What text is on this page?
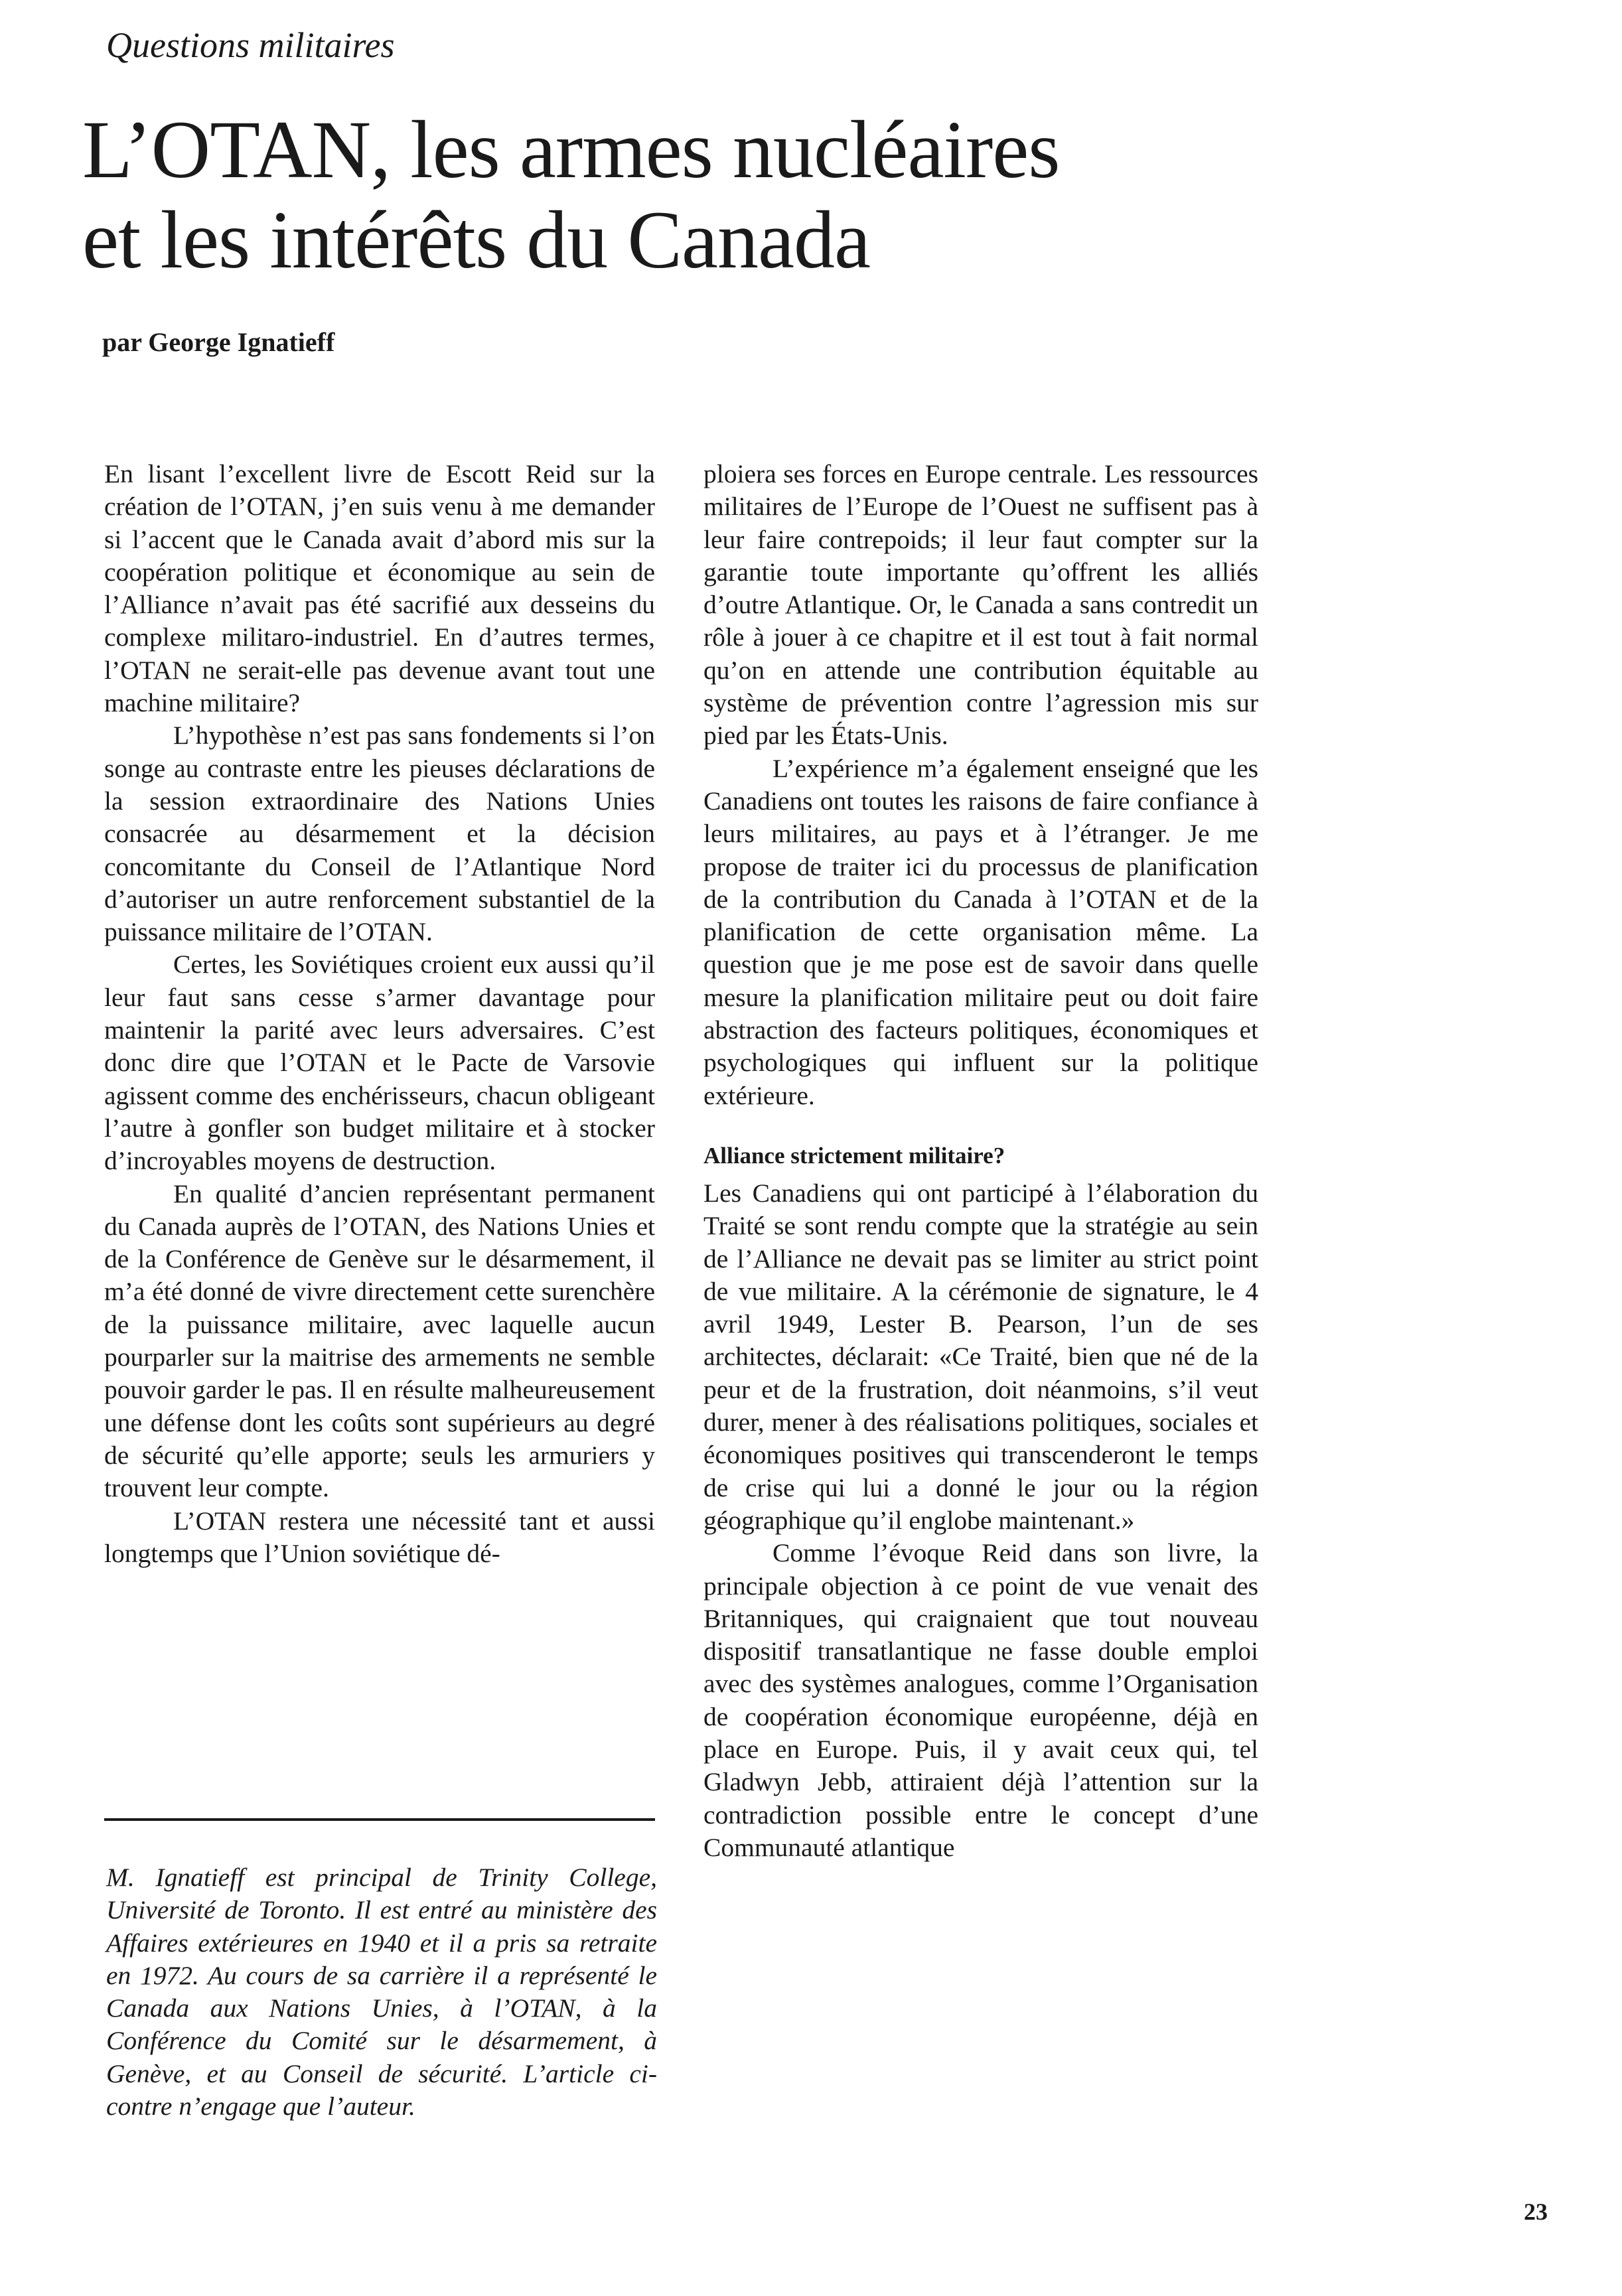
Questions militaires
L’OTAN, les armes nucléaires
et les intérêts du Canada
par George Ignatieff

En lisant l’excellent livre de Escott Reid sur la création de l’OTAN, j’en suis venu à me demander si l’accent que le Canada avait d’abord mis sur la coopération politique et économique au sein de l’Alliance n’avait pas été sacrifié aux desseins du complexe militaro-industriel. En d’autres termes, l’OTAN ne serait-elle pas devenue avant tout une machine militaire?

L’hypothèse n’est pas sans fondements si l’on songe au contraste entre les pieuses déclarations de la session extraordinaire des Nations Unies consacrée au désarmement et la décision concomitante du Conseil de l’Atlantique Nord d’autoriser un autre renforcement substantiel de la puissance militaire de l’OTAN.

Certes, les Soviétiques croient eux aussi qu’il leur faut sans cesse s’armer davantage pour maintenir la parité avec leurs adversaires. C’est donc dire que l’OTAN et le Pacte de Varsovie agissent comme des enchérisseurs, chacun obligeant l’autre à gonfler son budget militaire et à stocker d’incroyables moyens de destruction.

En qualité d’ancien représentant permanent du Canada auprès de l’OTAN, des Nations Unies et de la Conférence de Genève sur le désarmement, il m’a été donné de vivre directement cette surenchère de la puissance militaire, avec laquelle aucun pourparler sur la maitrise des armements ne semble pouvoir garder le pas. Il en résulte malheureusement une défense dont les coûts sont supérieurs au degré de sécurité qu’elle apporte; seuls les armuriers y trouvent leur compte.

L’OTAN restera une nécessité tant et aussi longtemps que l’Union soviétique dé-

M. Ignatieff est principal de Trinity College, Université de Toronto. Il est entré au ministère des Affaires extérieures en 1940 et il a pris sa retraite en 1972. Au cours de sa carrière il a représenté le Canada aux Nations Unies, à l’OTAN, à la Conférence du Comité sur le désarmement, à Genève, et au Conseil de sécurité. L’article ci-contre n’engage que l’auteur.

ploiera ses forces en Europe centrale. Les ressources militaires de l’Europe de l’Ouest ne suffisent pas à leur faire contrepoids; il leur faut compter sur la garantie toute importante qu’offrent les alliés d’outre Atlantique. Or, le Canada a sans contredit un rôle à jouer à ce chapitre et il est tout à fait normal qu’on en attende une contribution équitable au système de prévention contre l’agression mis sur pied par les États-Unis.

L’expérience m’a également enseigné que les Canadiens ont toutes les raisons de faire confiance à leurs militaires, au pays et à l’étranger. Je me propose de traiter ici du processus de planification de la contribution du Canada à l’OTAN et de la planification de cette organisation même. La question que je me pose est de savoir dans quelle mesure la planification militaire peut ou doit faire abstraction des facteurs politiques, économiques et psychologiques qui influent sur la politique extérieure.

Alliance strictement militaire?

Les Canadiens qui ont participé à l’élaboration du Traité se sont rendu compte que la stratégie au sein de l’Alliance ne devait pas se limiter au strict point de vue militaire. A la cérémonie de signature, le 4 avril 1949, Lester B. Pearson, l’un de ses architectes, déclarait: «Ce Traité, bien que né de la peur et de la frustration, doit néanmoins, s’il veut durer, mener à des réalisations politiques, sociales et économiques positives qui transcenderont le temps de crise qui lui a donné le jour ou la région géographique qu’il englobe maintenant.»

Comme l’évoque Reid dans son livre, la principale objection à ce point de vue venait des Britanniques, qui craignaient que tout nouveau dispositif transatlantique ne fasse double emploi avec des systèmes analogues, comme l’Organisation de coopération économique européenne, déjà en place en Europe. Puis, il y avait ceux qui, tel Gladwyn Jebb, attiraient déjà l’attention sur la contradiction possible entre le concept d’une Communauté atlantique

23
